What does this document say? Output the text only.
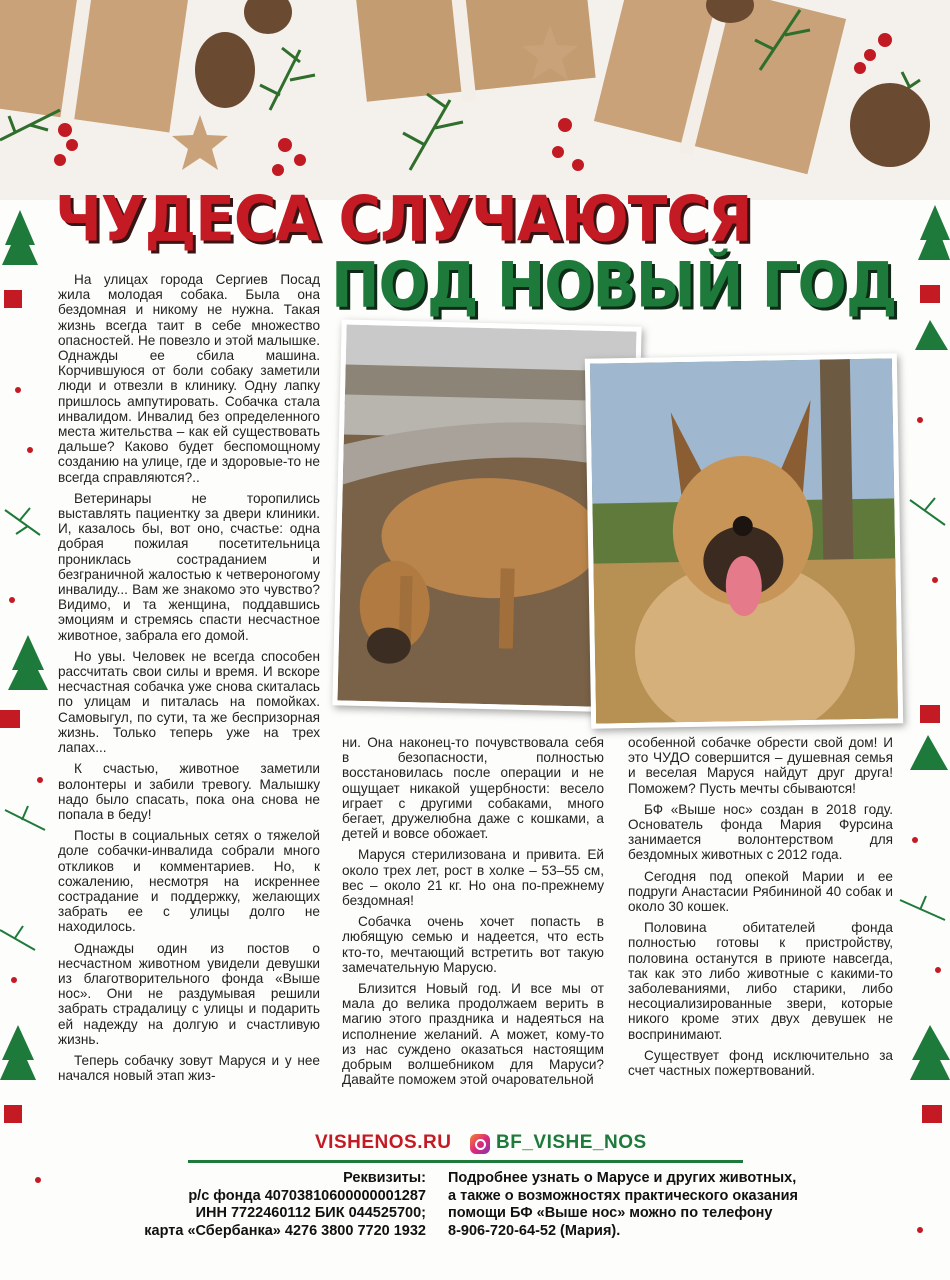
ЧУДЕСА СЛУЧАЮТСЯ
ПОД НОВЫЙ ГОД

На улицах города Сергиев Посад жила молодая собака. Была она бездомная и никому не нужна. Такая жизнь всегда таит в себе множество опасностей. Не повезло и этой малышке. Однажды ее сбила машина. Корчившуюся от боли собаку заметили люди и отвезли в клинику. Одну лапку пришлось ампутировать. Собачка стала инвалидом. Инвалид без определенного места жительства – как ей существовать дальше? Каково будет беспомощному созданию на улице, где и здоровые-то не всегда справляются?..

Ветеринары не торопились выставлять пациентку за двери клиники. И, казалось бы, вот оно, счастье: одна добрая пожилая посетительница прониклась состраданием и безграничной жалостью к четвероногому инвалиду... Вам же знакомо это чувство? Видимо, и та женщина, поддавшись эмоциям и стремясь спасти несчастное животное, забрала его домой.

Но увы. Человек не всегда способен рассчитать свои силы и время. И вскоре несчастная собачка уже снова скиталась по улицам и питалась на помойках. Самовыгул, по сути, та же беспризорная жизнь. Только теперь уже на трех лапах...

К счастью, животное заметили волонтеры и забили тревогу. Малышку надо было спасать, пока она снова не попала в беду!

Посты в социальных сетях о тяжелой доле собачки-инвалида собрали много откликов и комментариев. Но, к сожалению, несмотря на искреннее сострадание и поддержку, желающих забрать ее с улицы долго не находилось.

Однажды один из постов о несчастном животном увидели девушки из благотворительного фонда «Выше нос». Они не раздумывая решили забрать страдалицу с улицы и подарить ей надежду на долгую и счастливую жизнь.

Теперь собачку зовут Маруся и у нее начался новый этап жиз-

ни. Она наконец-то почувствовала себя в безопасности, полностью восстановилась после операции и не ощущает никакой ущербности: весело играет с другими собаками, много бегает, дружелюбна даже с кошками, а детей и вовсе обожает.

Маруся стерилизована и привита. Ей около трех лет, рост в холке – 53–55 см, вес – около 21 кг. Но она по-прежнему бездомная!

Собачка очень хочет попасть в любящую семью и надеется, что есть кто-то, мечтающий встретить вот такую замечательную Марусю.

Близится Новый год. И все мы от мала до велика продолжаем верить в магию этого праздника и надеяться на исполнение желаний. А может, кому-то из нас суждено оказаться настоящим добрым волшебником для Маруси? Давайте поможем этой очаровательной

особенной собачке обрести свой дом! И это ЧУДО совершится – душевная семья и веселая Маруся найдут друг друга! Поможем? Пусть мечты сбываются!

БФ «Выше нос» создан в 2018 году. Основатель фонда Мария Фурсина занимается волонтерством для бездомных животных с 2012 года.

Сегодня под опекой Марии и ее подруги Анастасии Рябининой 40 собак и около 30 кошек.

Половина обитателей фонда полностью готовы к пристройству, половина останутся в приюте навсегда, так как это либо животные с какими-то заболеваниями, либо старики, либо несоциализированные звери, которые никого кроме этих двух девушек не воспринимают.

Существует фонд исключительно за счет частных пожертвований.

VISHENOS.RU BF_VISHE_NOS
Реквизиты:
р/с фонда 40703810600000001287
ИНН 7722460112 БИК 044525700;
карта «Сбербанка» 4276 3800 7720 1932
Подробнее узнать о Марусе и других животных,
а также о возможностях практического оказания
помощи БФ «Выше нос» можно по телефону
8-906-720-64-52 (Мария).
